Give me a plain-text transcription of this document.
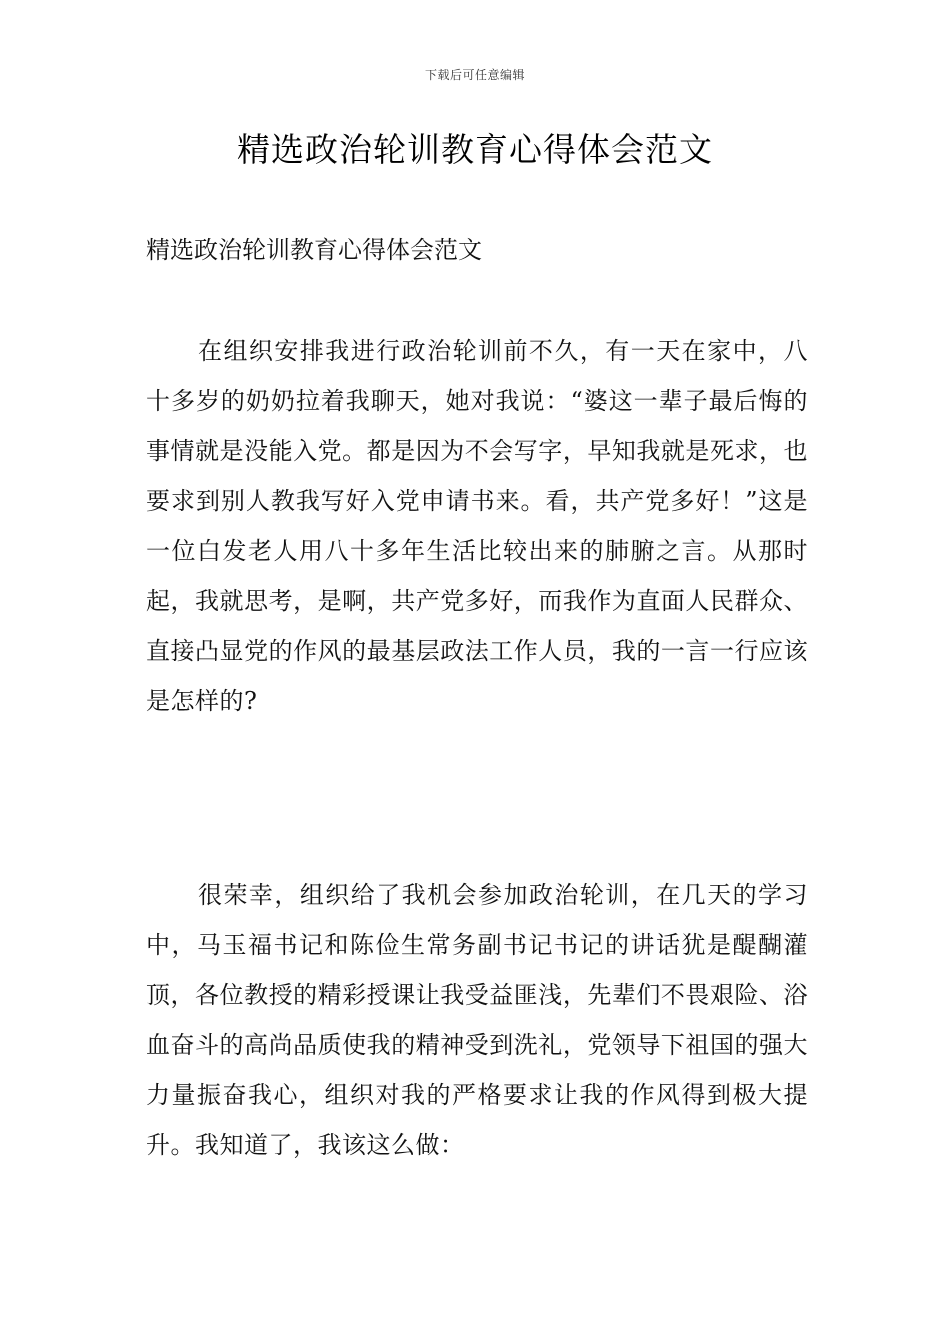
下载后可任意编辑
精选政治轮训教育心得体会范文
精选政治轮训教育心得体会范文

在组织安排我进行政治轮训前不久，有一天在家中，八十多岁的奶奶拉着我聊天，她对我说：“婆这一辈子最后悔的事情就是没能入党。都是因为不会写字，早知我就是死求，也要求到别人教我写好入党申请书来。看，共产党多好！”这是一位白发老人用八十多年生活比较出来的肺腑之言。从那时起，我就思考，是啊，共产党多好，而我作为直面人民群众、直接凸显党的作风的最基层政法工作人员，我的一言一行应该是怎样的?

很荣幸，组织给了我机会参加政治轮训，在几天的学习中，马玉福书记和陈俭生常务副书记书记的讲话犹是醍醐灌顶，各位教授的精彩授课让我受益匪浅，先辈们不畏艰险、浴血奋斗的高尚品质使我的精神受到洗礼，党领导下祖国的强大力量振奋我心，组织对我的严格要求让我的作风得到极大提升。我知道了，我该这么做：
